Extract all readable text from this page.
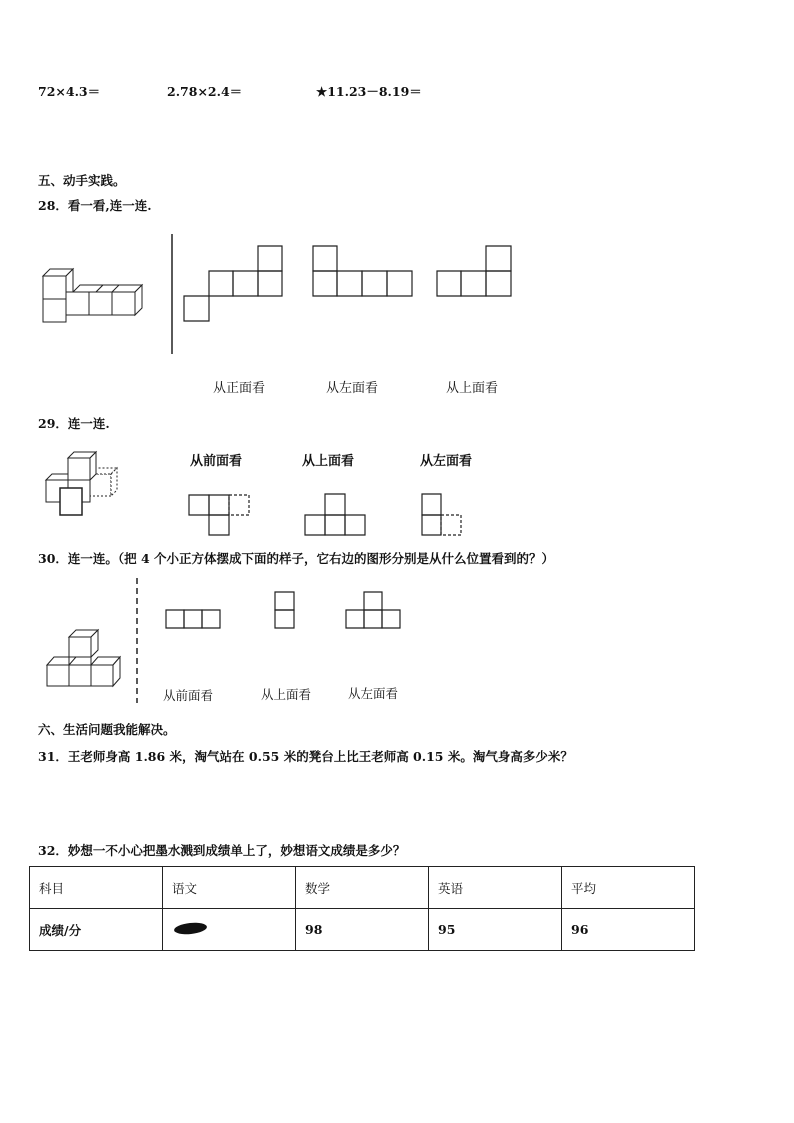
72×4.3＝	2.78×2.4＝	★11.23－8.19＝
五、动手实践。
28．看一看,连一连.
从正面看	从左面看	从上面看
29．连一连.
从前面看	从上面看	从左面看
30．连一连。（把 4 个小正方体摆成下面的样子，它右边的图形分别是从什么位置看到的？）
从前面看	从上面看	从左面看
六、生活问题我能解决。
31．王老师身高 1.86 米，淘气站在 0.55 米的凳台上比王老师高 0.15 米。淘气身高多少米？
32．妙想一不小心把墨水溅到成绩单上了，妙想语文成绩是多少？
科目	语文	数学	英语	平均
成绩/分		98	95	96
